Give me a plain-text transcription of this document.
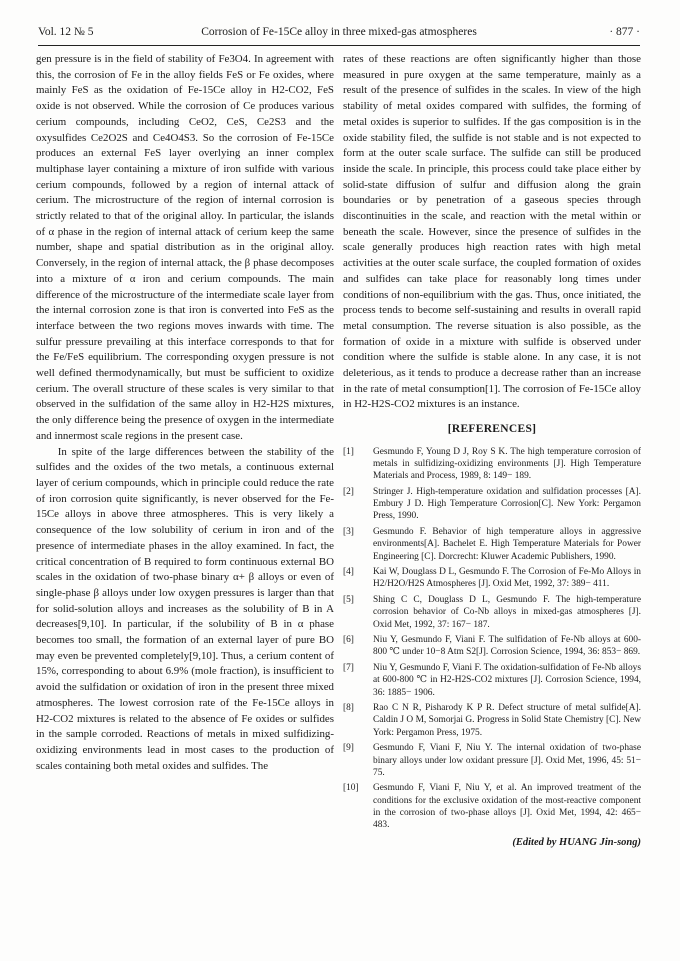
Vol. 12 № 5	Corrosion of Fe-15Ce alloy in three mixed-gas atmospheres	· 877 ·

gen pressure is in the field of stability of Fe3O4. In agreement with this, the corrosion of Fe in the alloy fields FeS or Fe oxides, where mainly FeS as the oxidation of Fe-15Ce alloy in H2-CO2, FeS oxide is not observed. While the corrosion of Ce produces various cerium compounds, including CeO2, CeS, Ce2S3 and the oxysulfides Ce2O2S and Ce4O4S3. So the corrosion of Fe-15Ce produces an external FeS layer overlying an inner complex multiphase layer containing a mixture of iron sulfide with various cerium compounds, followed by a region of internal attack of cerium. The microstructure of the region of internal corrosion is strictly related to that of the original alloy. In particular, the islands of α phase in the region of internal attack of cerium keep the same number, shape and spatial distribution as in the original alloy. Conversely, in the region of internal attack, the β phase decomposes into a mixture of α iron and cerium compounds. The main difference of the microstructure of the intermediate scale layer from the internal corrosion zone is that iron is converted into FeS as the interface between the two regions moves inwards with time. The sulfur pressure prevailing at this interface corresponds to that for the Fe/FeS equilibrium. The corresponding oxygen pressure is not well defined thermodynamically, but must be sufficient to oxidize cerium. The overall structure of these scales is very similar to that observed in the sulfidation of the same alloy in H2-H2S mixtures, the only difference being the presence of oxygen in the intermediate and innermost scale regions in the present case.

In spite of the large differences between the stability of the sulfides and the oxides of the two metals, a continuous external layer of cerium compounds, which in principle could reduce the rate of iron corrosion quite significantly, is never observed for the Fe-15Ce alloys in above three atmospheres. This is very likely a consequence of the low solubility of cerium in iron and of the presence of intermediate phases in the alloy examined. In fact, the critical concentration of B required to form continuous external BO scales in the oxidation of two-phase binary α+ β alloys or even of single-phase β alloys under low oxygen pressures is larger than that for solid-solution alloys and increases as the solubility of B in A decreases[9,10]. In particular, if the solubility of B in α phase becomes too small, the formation of an external layer of pure BO may even be prevented completely[9,10]. Thus, a cerium content of 15%, corresponding to about 6.9% (mole fraction), is insufficient to avoid the sulfidation or oxidation of iron in the present three mixed atmospheres. The lowest corrosion rate of the Fe-15Ce alloys in H2-CO2 mixtures is related to the absence of Fe oxides or sulfides in the sample corroded. Reactions of metals in mixed sulfidizing-oxidizing environments lead in most cases to the production of scales containing both metal oxides and sulfides. The

rates of these reactions are often significantly higher than those measured in pure oxygen at the same temperature, mainly as a result of the presence of sulfides in the scales. In view of the high stability of metal oxides compared with sulfides, the forming of metal oxides is superior to sulfides. If the gas composition is in the oxide stability filed, the sulfide is not stable and is not expected to form at the outer scale surface. The sulfide can still be produced inside the scale. In principle, this process could take place either by solid-state diffusion of sulfur and diffusion along the grain boundaries or by penetration of a gaseous species through discontinuities in the scale, and reaction with the metal within or beneath the scale. However, since the presence of sulfides in the scale generally produces high reaction rates with high metal activities at the outer scale surface, the coupled formation of oxides and sulfides can take place for reasonably long times under conditions of non-equilibrium with the gas. Thus, once initiated, the process tends to become self-sustaining and results in overall rapid metal consumption. The reverse situation is also possible, as the formation of oxide in a mixture with sulfide is observed under condition where the sulfide is stable alone. In any case, it is not deleterious, as it tends to produce a decrease rather than an increase in the rate of metal consumption[1]. The corrosion of Fe-15Ce alloy in H2-H2S-CO2 mixtures is an instance.

[REFERENCES]
[1] Gesmundo F, Young D J, Roy S K. The high temperature corrosion of metals in sulfidizing-oxidizing environments [J]. High Temperature Materials and Process, 1989, 8: 149− 189.
[2] Stringer J. High-temperature oxidation and sulfidation processes [A]. Embury J D. High Temperature Corrosion[C]. New York: Pergamon Press, 1990.
[3] Gesmundo F. Behavior of high temperature alloys in aggressive environments[A]. Bachelet E. High Temperature Materials for Power Engineering [C]. Dorcrecht: Kluwer Academic Publishers, 1990.
[4] Kai W, Douglass D L, Gesmundo F. The Corrosion of Fe-Mo Alloys in H2/H2O/H2S Atmospheres [J]. Oxid Met, 1992, 37: 389− 411.
[5] Shing C C, Douglass D L, Gesmundo F. The high-temperature corrosion behavior of Co-Nb alloys in mixed-gas atmospheres [J]. Oxid Met, 1992, 37: 167− 187.
[6] Niu Y, Gesmundo F, Viani F. The sulfidation of Fe-Nb alloys at 600-800 ℃ under 10−8 Atm S2[J]. Corrosion Science, 1994, 36: 853− 869.
[7] Niu Y, Gesmundo F, Viani F. The oxidation-sulfidation of Fe-Nb alloys at 600-800 ℃ in H2-H2S-CO2 mixtures [J]. Corrosion Science, 1994, 36: 1885− 1906.
[8] Rao C N R, Pisharody K P R. Defect structure of metal sulfide[A]. Caldin J O M, Somorjai G. Progress in Solid State Chemistry [C]. New York: Pergamon Press, 1975.
[9] Gesmundo F, Viani F, Niu Y. The internal oxidation of two-phase binary alloys under low oxidant pressure [J]. Oxid Met, 1996, 45: 51− 75.
[10] Gesmundo F, Viani F, Niu Y, et al. An improved treatment of the conditions for the exclusive oxidation of the most-reactive component in the corrosion of two-phase alloys [J]. Oxid Met, 1994, 42: 465− 483.
(Edited by HUANG Jin-song)
